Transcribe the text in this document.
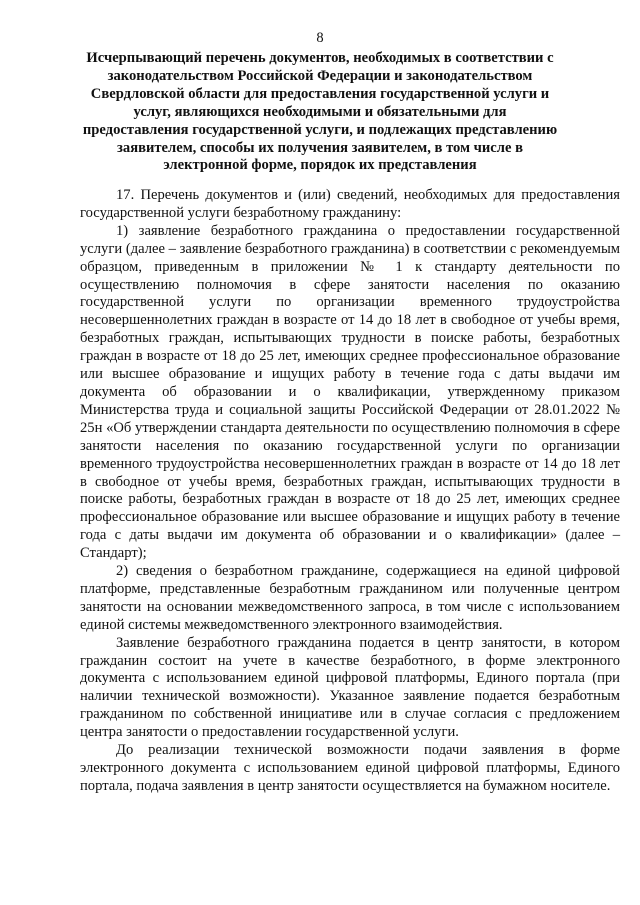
8
Исчерпывающий перечень документов, необходимых в соответствии с законодательством Российской Федерации и законодательством Свердловской области для предоставления государственной услуги и услуг, являющихся необходимыми и обязательными для предоставления государственной услуги, и подлежащих представлению заявителем, способы их получения заявителем, в том числе в электронной форме, порядок их представления

17. Перечень документов и (или) сведений, необходимых для предоставления государственной услуги безработному гражданину:

1) заявление безработного гражданина о предоставлении государственной услуги (далее – заявление безработного гражданина) в соответствии с рекомендуемым образцом, приведенным в приложении № 1 к стандарту деятельности по осуществлению полномочия в сфере занятости населения по оказанию государственной услуги по организации временного трудоустройства несовершеннолетних граждан в возрасте от 14 до 18 лет в свободное от учебы время, безработных граждан, испытывающих трудности в поиске работы, безработных граждан в возрасте от 18 до 25 лет, имеющих среднее профессиональное образование или высшее образование и ищущих работу в течение года с даты выдачи им документа об образовании и о квалификации, утвержденному приказом Министерства труда и социальной защиты Российской Федерации от 28.01.2022 № 25н «Об утверждении стандарта деятельности по осуществлению полномочия в сфере занятости населения по оказанию государственной услуги по организации временного трудоустройства несовершеннолетних граждан в возрасте от 14 до 18 лет в свободное от учебы время, безработных граждан, испытывающих трудности в поиске работы, безработных граждан в возрасте от 18 до 25 лет, имеющих среднее профессиональное образование или высшее образование и ищущих работу в течение года с даты выдачи им документа об образовании и о квалификации» (далее – Стандарт);

2) сведения о безработном гражданине, содержащиеся на единой цифровой платформе, представленные безработным гражданином или полученные центром занятости на основании межведомственного запроса, в том числе с использованием единой системы межведомственного электронного взаимодействия.

Заявление безработного гражданина подается в центр занятости, в котором гражданин состоит на учете в качестве безработного, в форме электронного документа с использованием единой цифровой платформы, Единого портала (при наличии технической возможности). Указанное заявление подается безработным гражданином по собственной инициативе или в случае согласия с предложением центра занятости о предоставлении государственной услуги.

До реализации технической возможности подачи заявления в форме электронного документа с использованием единой цифровой платформы, Единого портала, подача заявления в центр занятости осуществляется на бумажном носителе.
